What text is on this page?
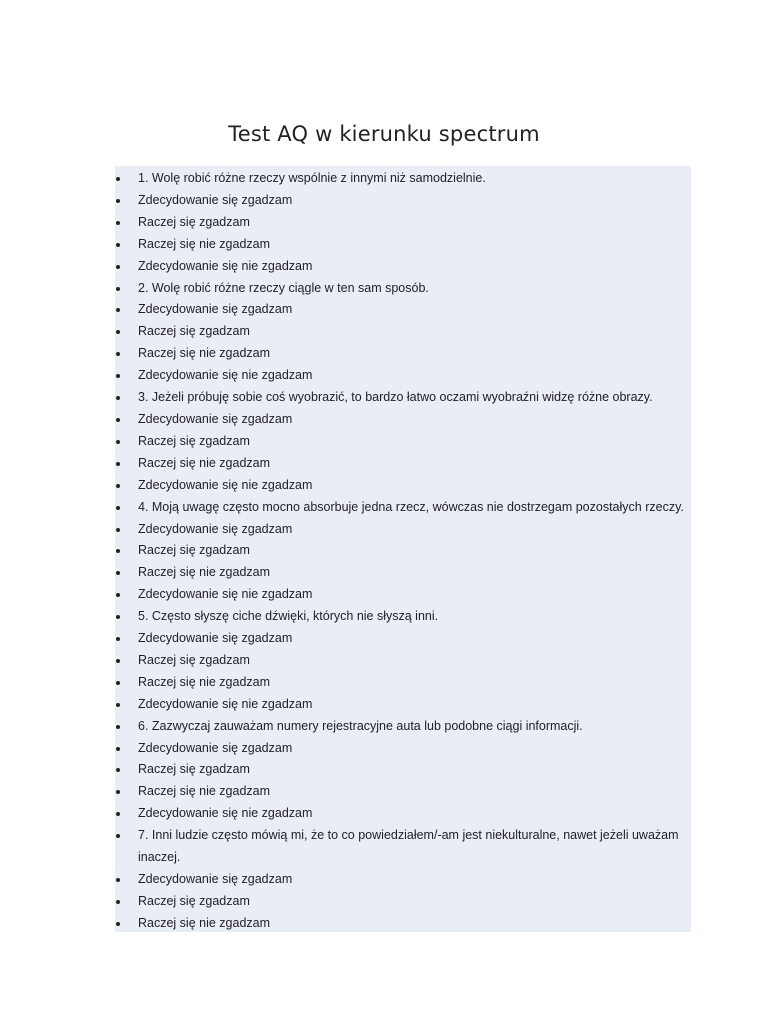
Test AQ w kierunku spectrum
1. Wolę robić różne rzeczy wspólnie z innymi niż samodzielnie.
Zdecydowanie się zgadzam
Raczej się zgadzam
Raczej się nie zgadzam
Zdecydowanie się nie zgadzam
2. Wolę robić różne rzeczy ciągle w ten sam sposób.
Zdecydowanie się zgadzam
Raczej się zgadzam
Raczej się nie zgadzam
Zdecydowanie się nie zgadzam
3. Jeżeli próbuję sobie coś wyobrazić, to bardzo łatwo oczami wyobraźni widzę różne obrazy.
Zdecydowanie się zgadzam
Raczej się zgadzam
Raczej się nie zgadzam
Zdecydowanie się nie zgadzam
4. Moją uwagę często mocno absorbuje jedna rzecz, wówczas nie dostrzegam pozostałych rzeczy.
Zdecydowanie się zgadzam
Raczej się zgadzam
Raczej się nie zgadzam
Zdecydowanie się nie zgadzam
5. Często słyszę ciche dźwięki, których nie słyszą inni.
Zdecydowanie się zgadzam
Raczej się zgadzam
Raczej się nie zgadzam
Zdecydowanie się nie zgadzam
6. Zazwyczaj zauważam numery rejestracyjne auta lub podobne ciągi informacji.
Zdecydowanie się zgadzam
Raczej się zgadzam
Raczej się nie zgadzam
Zdecydowanie się nie zgadzam
7. Inni ludzie często mówią mi, że to co powiedziałem/-am jest niekulturalne, nawet jeżeli uważam inaczej.
Zdecydowanie się zgadzam
Raczej się zgadzam
Raczej się nie zgadzam
